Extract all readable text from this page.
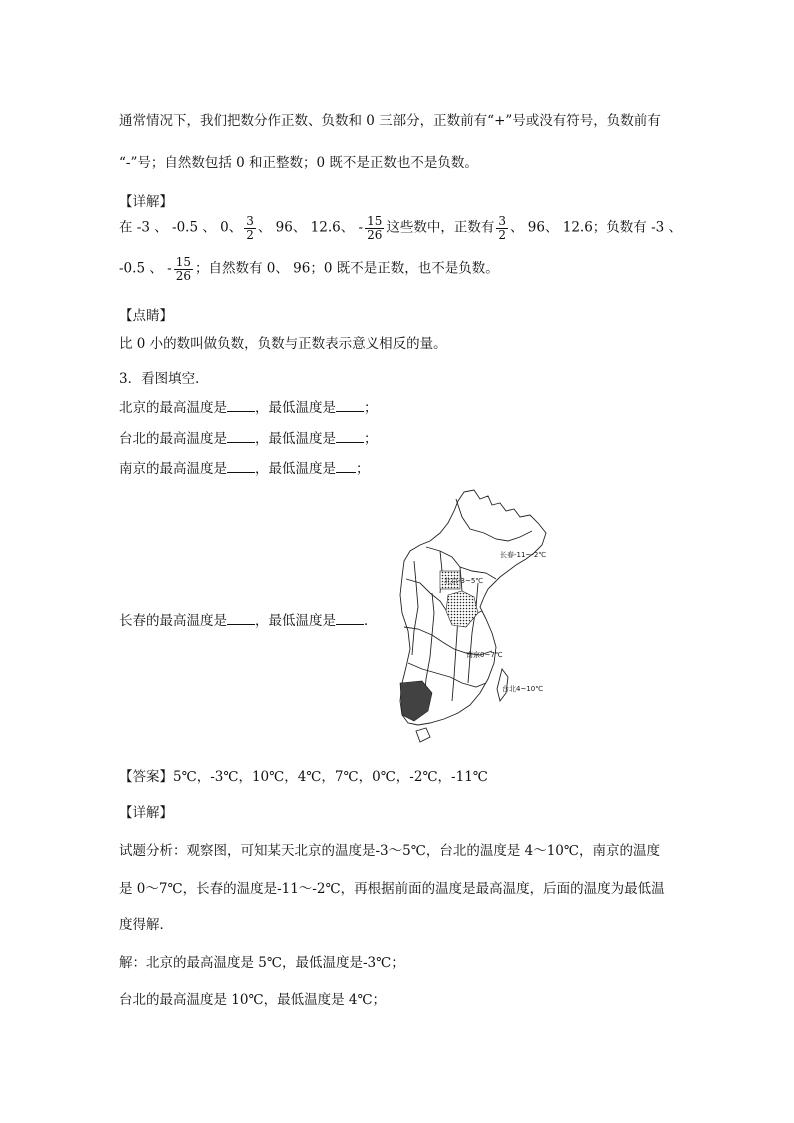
通常情况下，我们把数分作正数、负数和 0 三部分，正数前有“+”号或没有符号，负数前有
“-”号；自然数包括 0 和正整数；0 既不是正数也不是负数。
【详解】
在 -3 、 -0.5 、 0、 $\frac{3}{2}$ 、 96、 12.6、 - $\frac{15}{26}$ 这些数中，正数有 $\frac{3}{2}$ 、 96、 12.6；负数有 -3 、
-0.5 、 - $\frac{15}{26}$ ；自然数有 0、 96；0 既不是正数，也不是负数。
【点睛】
比 0 小的数叫做负数，负数与正数表示意义相反的量。
3．看图填空．
北京的最高温度是 ，最低温度是 ；
台北的最高温度是 ，最低温度是 ；
南京的最高温度是 ，最低温度是 ；
长春的最高温度是 ，最低温度是 ．
长春-11~-2℃
北京-3~5℃
南京0~7℃
台北4~10℃
【答案】5℃，-3℃，10℃，4℃，7℃，0℃，-2℃，-11℃
【详解】
试题分析：观察图，可知某天北京的温度是-3～5℃，台北的温度是 4～10℃，南京的温度
是 0～7℃，长春的温度是-11～-2℃，再根据前面的温度是最高温度，后面的温度为最低温
度得解．
解：北京的最高温度是 5℃，最低温度是-3℃；
台北的最高温度是 10℃，最低温度是 4℃；
